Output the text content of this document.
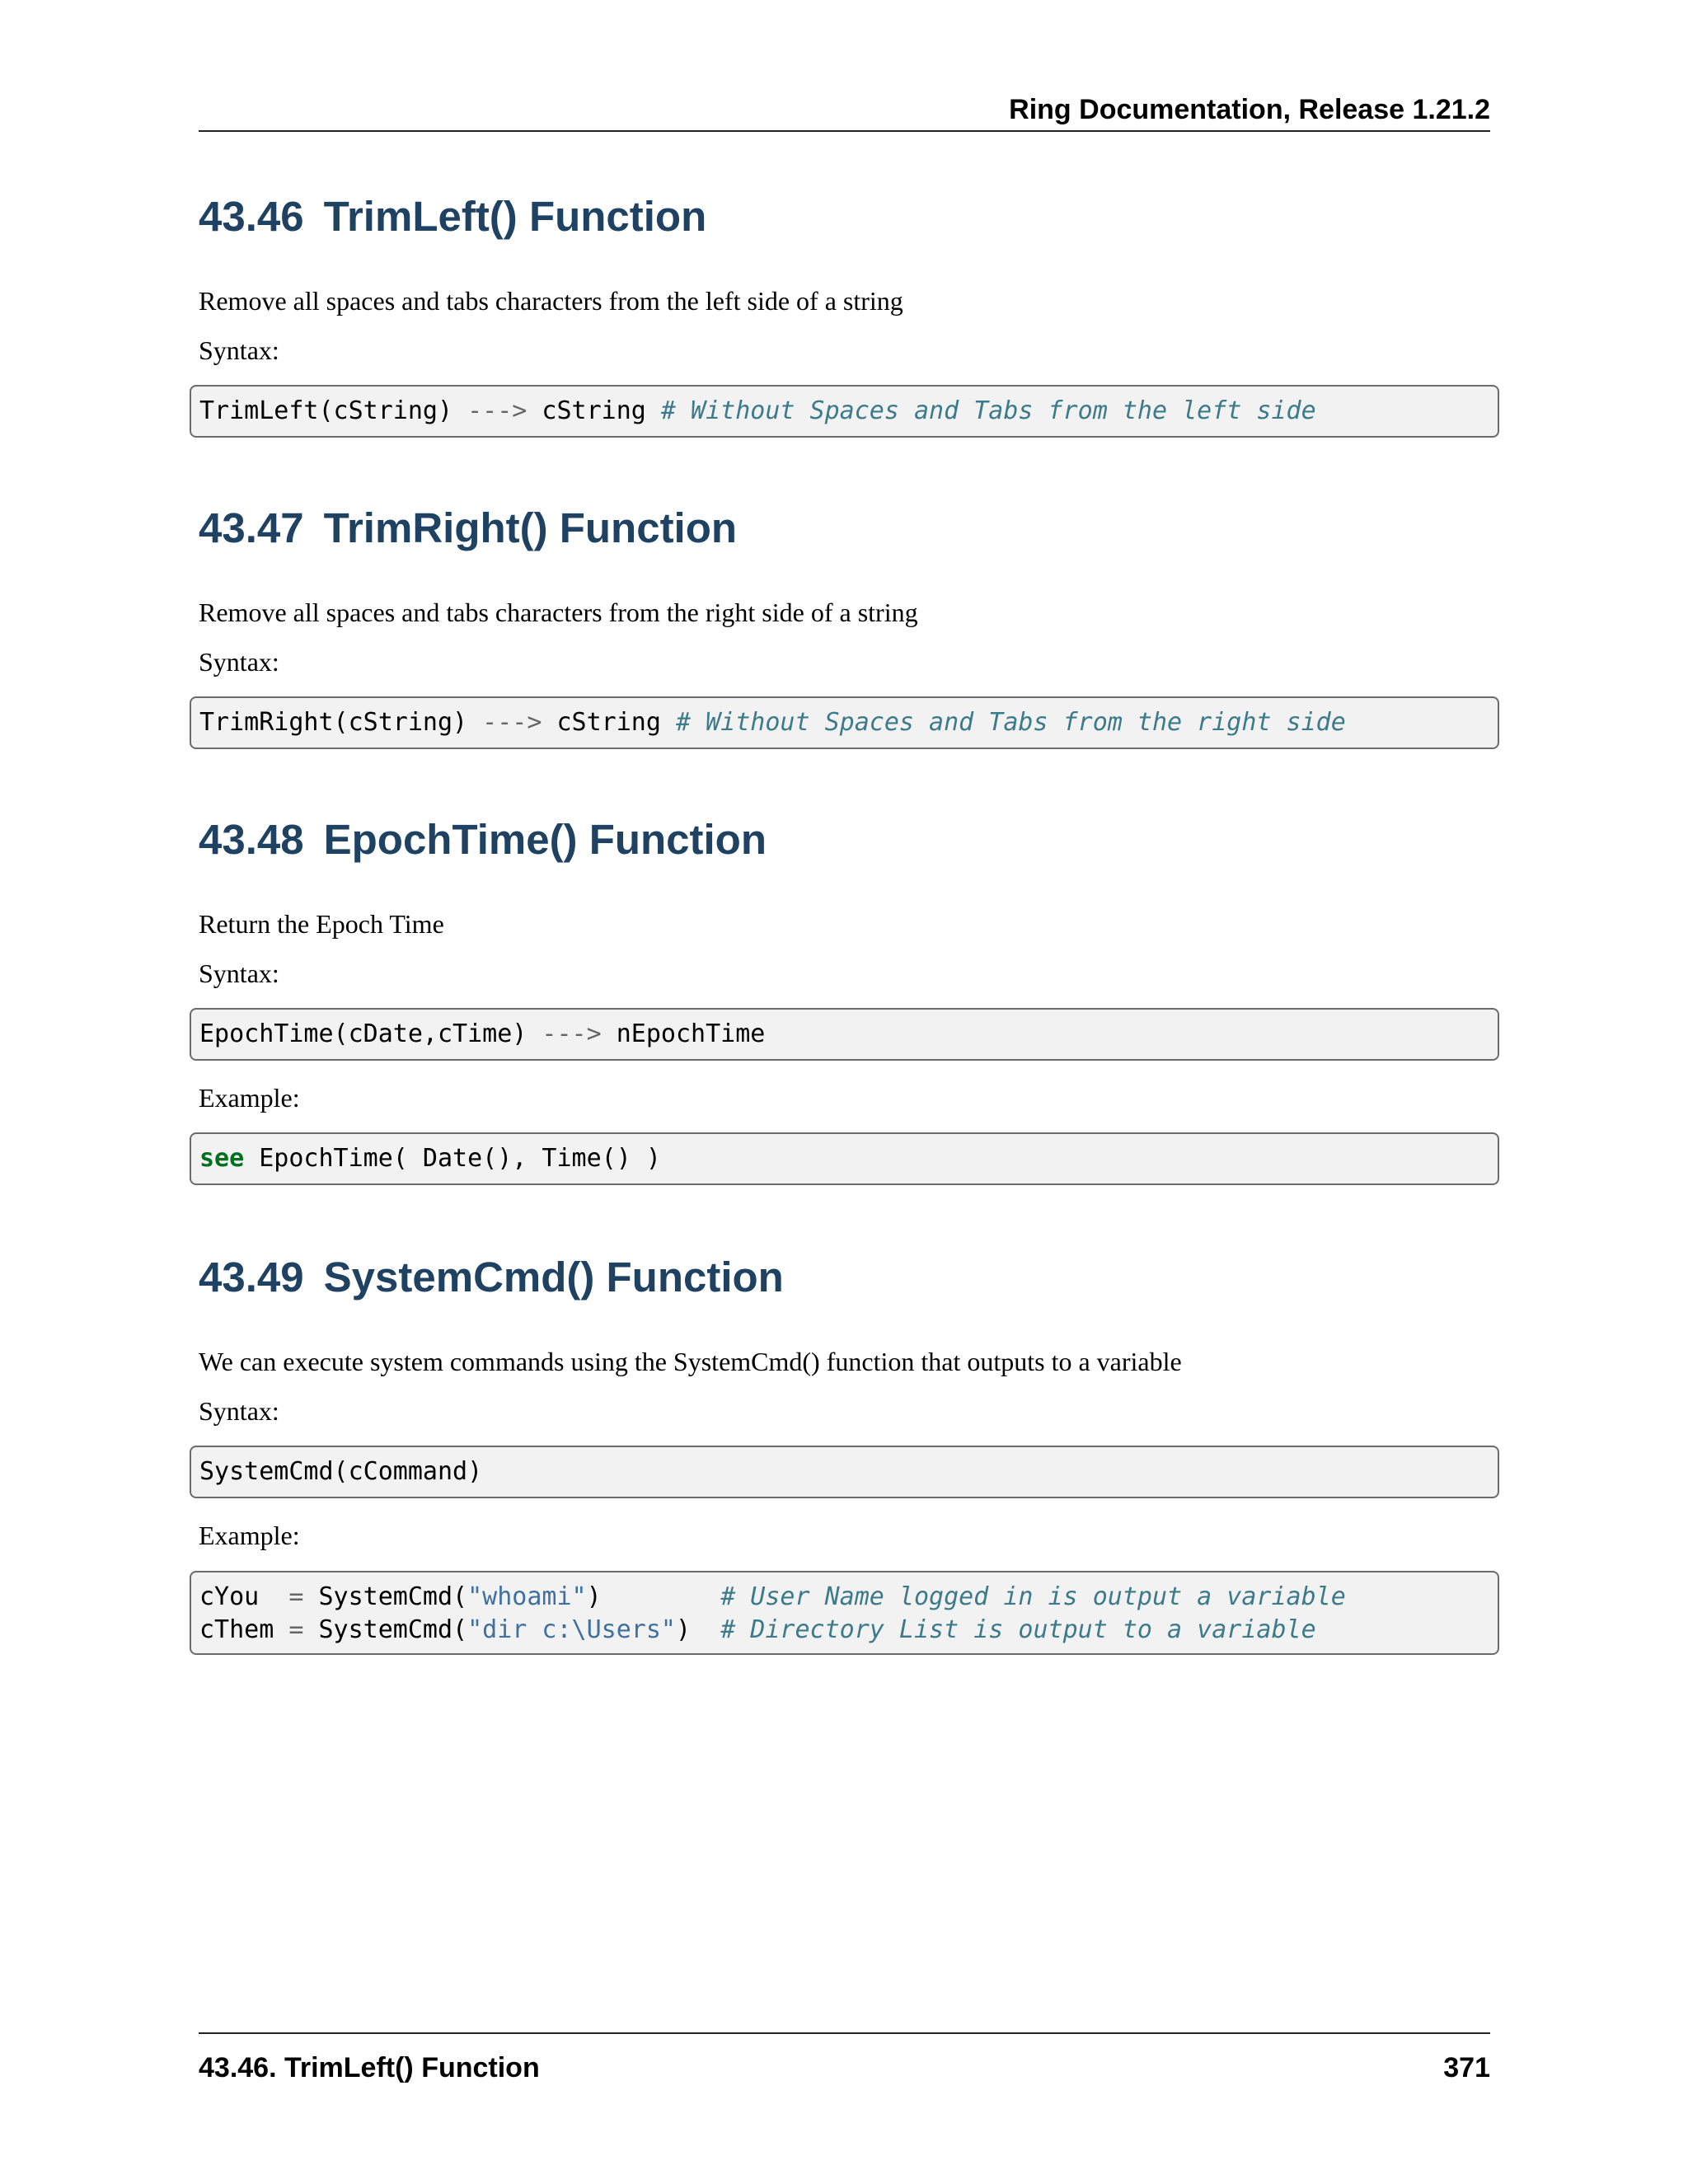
Ring Documentation, Release 1.21.2
43.46 TrimLeft() Function

Remove all spaces and tabs characters from the left side of a string

Syntax:

TrimLeft(cString) ---> cString # Without Spaces and Tabs from the left side
43.47 TrimRight() Function

Remove all spaces and tabs characters from the right side of a string

Syntax:

TrimRight(cString) ---> cString # Without Spaces and Tabs from the right side
43.48 EpochTime() Function

Return the Epoch Time

Syntax:

EpochTime(cDate,cTime) ---> nEpochTime

Example:

see EpochTime( Date(), Time() )
43.49 SystemCmd() Function

We can execute system commands using the SystemCmd() function that outputs to a variable

Syntax:

SystemCmd(cCommand)

Example:

cYou  = SystemCmd("whoami")        # User Name logged in is output a variable
cThem = SystemCmd("dir c:\Users")  # Directory List is output to a variable
43.46. TrimLeft() Function	371
